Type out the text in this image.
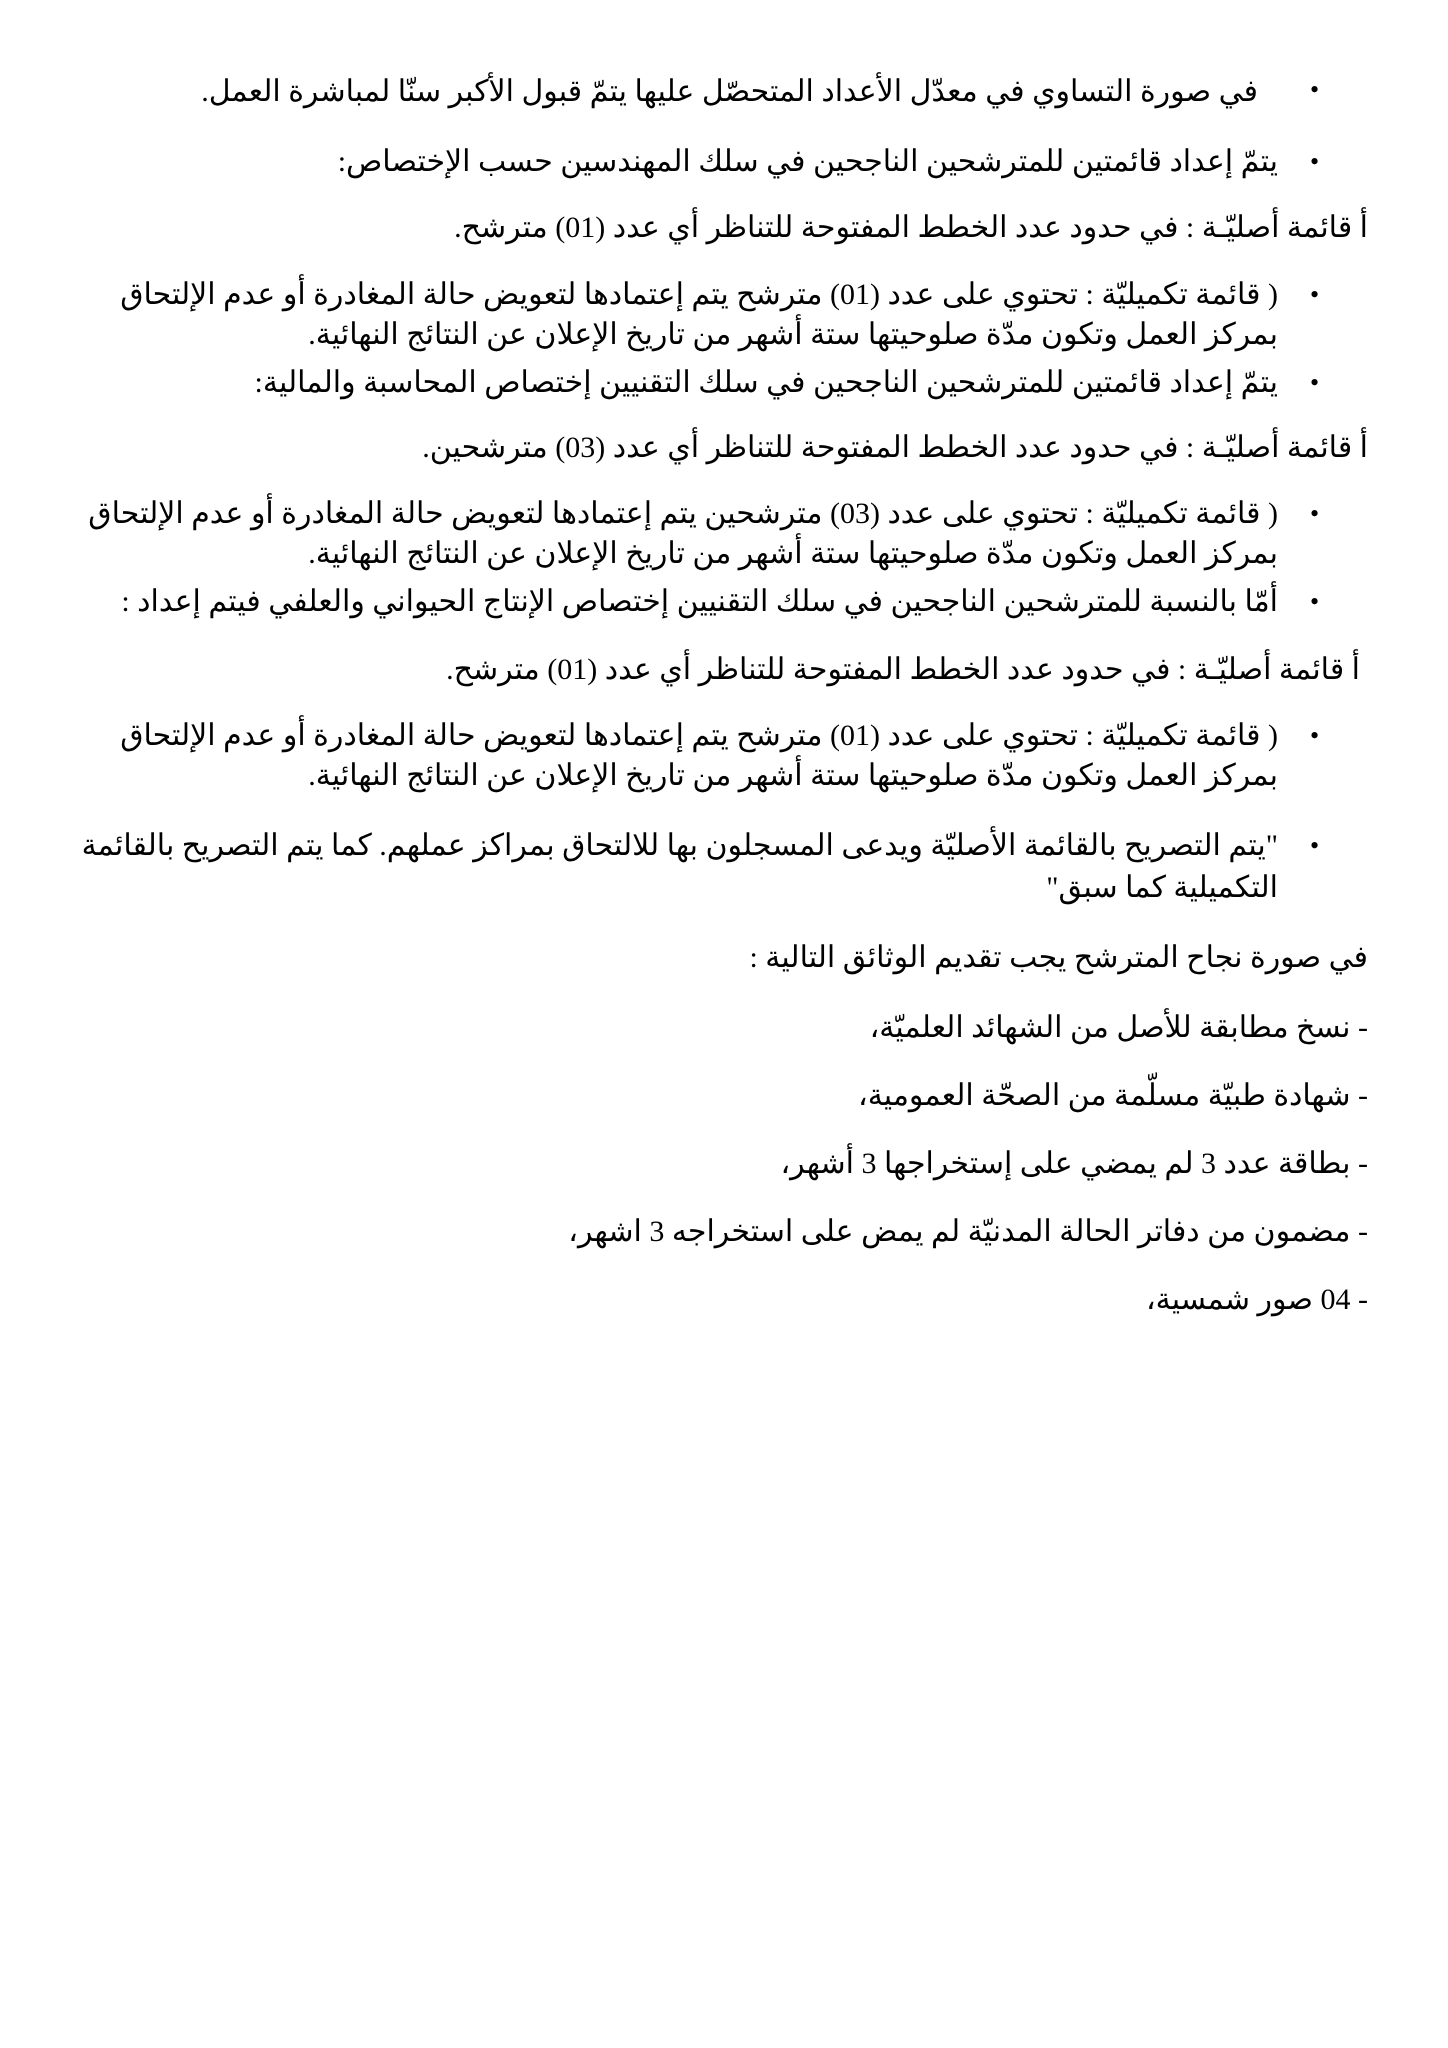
•
في صورة التساوي في معدّل الأعداد المتحصّل عليها يتمّ قبول الأكبر سنّا لمباشرة العمل.
•
يتمّ إعداد قائمتين للمترشحين الناجحين في سلك المهندسين حسب الإختصاص:
أ قائمة أصليّـة : في حدود عدد الخطط المفتوحة للتناظر أي عدد (01) مترشح.
•
( قائمة تكميليّة : تحتوي على عدد (01) مترشح يتم إعتمادها لتعويض حالة المغادرة أو عدم الإلتحاق
بمركز العمل وتكون مدّة صلوحيتها ستة أشهر من تاريخ الإعلان عن النتائج النهائية.
•
يتمّ إعداد قائمتين للمترشحين الناجحين في سلك التقنيين إختصاص المحاسبة والمالية:
أ قائمة أصليّـة : في حدود عدد الخطط المفتوحة للتناظر أي عدد (03) مترشحين.
•
( قائمة تكميليّة : تحتوي على عدد (03) مترشحين يتم إعتمادها لتعويض حالة المغادرة أو عدم الإلتحاق
بمركز العمل وتكون مدّة صلوحيتها ستة أشهر من تاريخ الإعلان عن النتائج النهائية.
•
أمّا بالنسبة للمترشحين الناجحين في سلك التقنيين إختصاص الإنتاج الحيواني والعلفي فيتم إعداد :
أ قائمة أصليّـة : في حدود عدد الخطط المفتوحة للتناظر أي عدد (01) مترشح.
•
( قائمة تكميليّة : تحتوي على عدد (01) مترشح يتم إعتمادها لتعويض حالة المغادرة أو عدم الإلتحاق
بمركز العمل وتكون مدّة صلوحيتها ستة أشهر من تاريخ الإعلان عن النتائج النهائية.
•
"يتم التصريح بالقائمة الأصليّة ويدعى المسجلون بها للالتحاق بمراكز عملهم. كما يتم التصريح بالقائمة
التكميلية كما سبق"
في صورة نجاح المترشح يجب تقديم الوثائق التالية :
- نسخ مطابقة للأصل من الشهائد العلميّة،
- شهادة طبيّة مسلّمة من الصحّة العمومية،
- بطاقة عدد 3 لم يمضي على إستخراجها 3 أشهر،
- مضمون من دفاتر الحالة المدنيّة لم يمض على استخراجه 3 اشهر،
- 04 صور شمسية،
